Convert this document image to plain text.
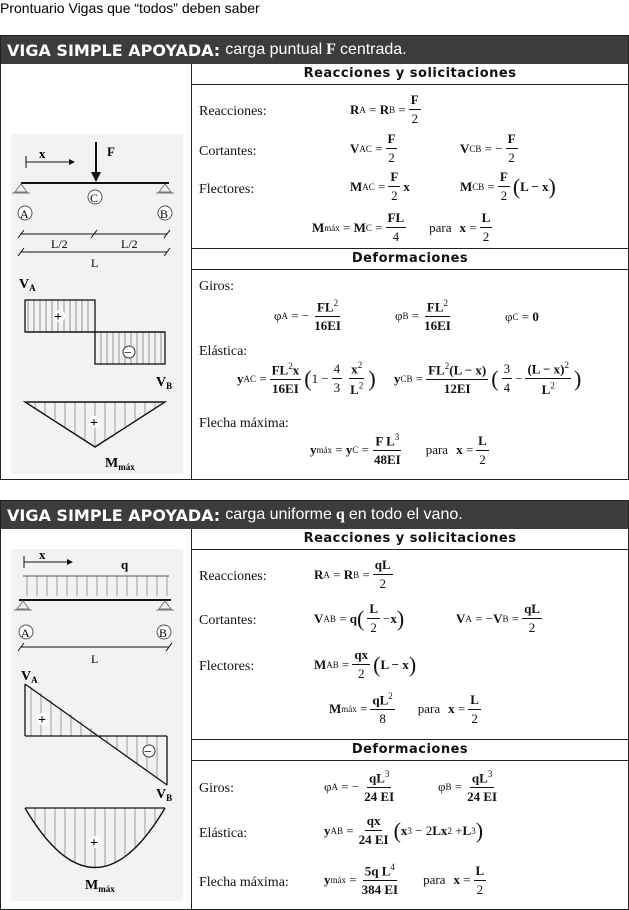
Prontuario Vigas que “todos” deben saber
VIGA SIMPLE APOYADA: carga puntual F centrada.
x	F
C
A	B
L/2	L/2
L
$V_A$
+
−
$V_B$
+
$M_{máx}$
Reacciones y solicitaciones
Reacciones:	R A = R B =
F
2
Cortantes:	V AC =
F
2
V CB = −
F
2
Flectores:	M AC =
F
2
x	M CB =
F
2 ( L − x )
M máx = M C =
FL
4
para x =
L
2
Deformaciones
Giros:
φ A = −
$FL^2$
16EI
φ B =
$FL^2$
16EI
φ C = 0
Elástica:
y AC =
$FL^2x$
16EI ( 1 −
4
3
$x^2$
$L^2$ ) y CB =
$FL^2(L - x)$
12EI ( 3
4
−
$(L - x)^2$
$L^2$ )
Flecha máxima:
y máx = y C =
F $L^3$
48EI
para x =
L
2
VIGA SIMPLE APOYADA: carga uniforme q en todo el vano.
x
q
A	B
L
$V_A$
+
−
$V_B$
+
$M_{máx}$
Reacciones y solicitaciones
Reacciones:	R A = R B =
qL
2
Cortantes:	V AB = q ( L
2
− x )	V A = − V B =
qL
2
Flectores:	M AB =
qx
2 ( L − x )
M máx =
$qL^2$
8
para x =
L
2
Deformaciones
Giros:	φ A = −
$qL^3$
24 EI
φ B =
$qL^3$
24 EI
Elástica:	y AB =
qx
24 EI ( x 3 − 2 Lx 2 + L 3 )
Flecha máxima:	y máx =
5q $L^4$
384 EI
para x =
L
2
